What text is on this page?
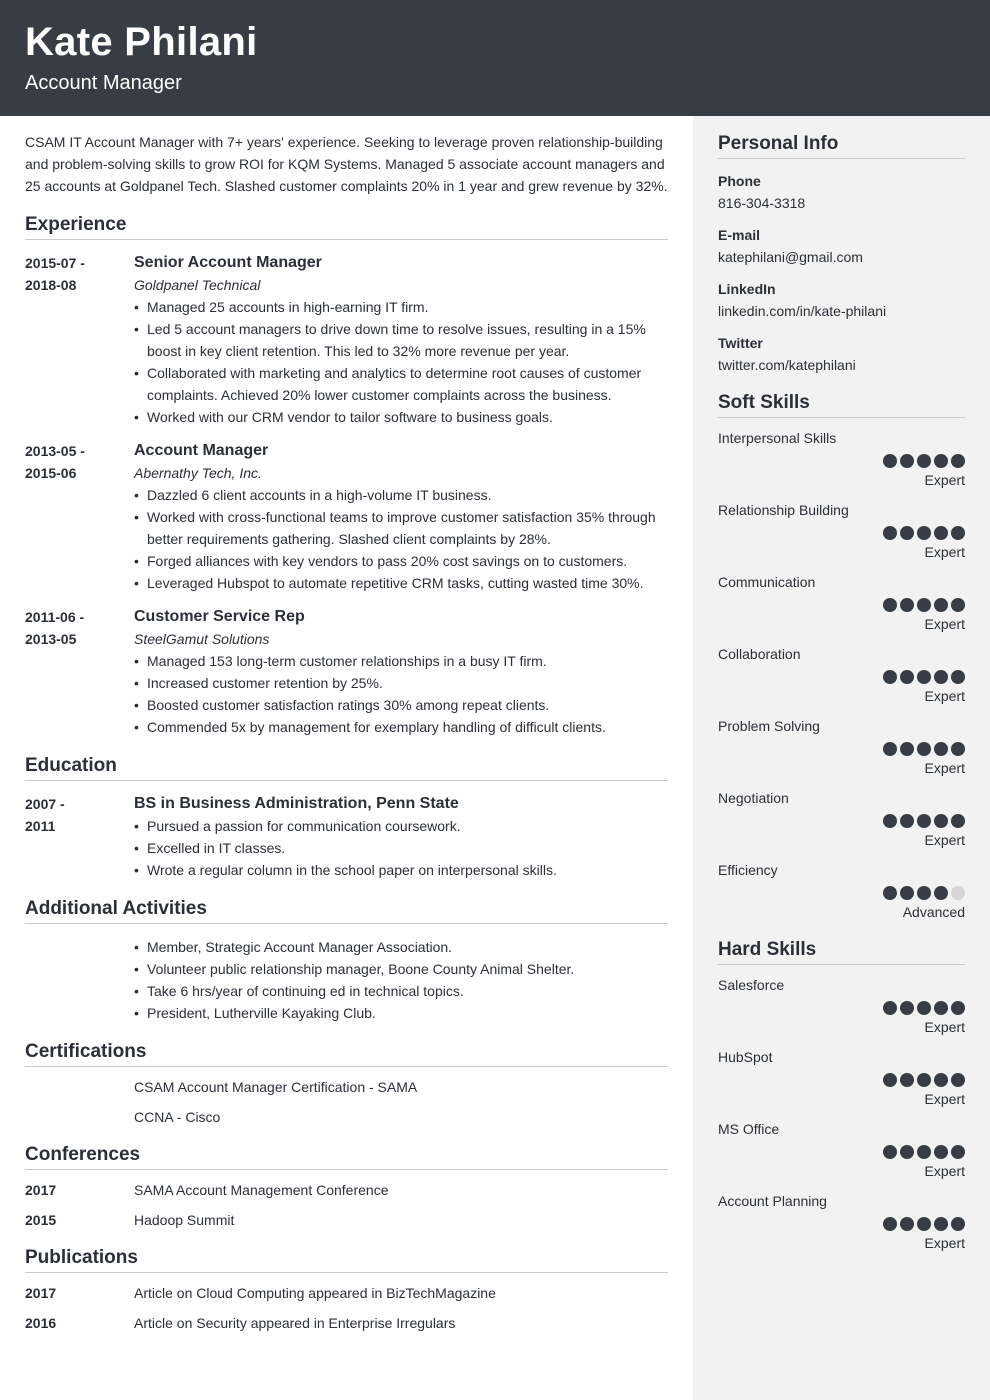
Kate Philani
Account Manager

CSAM IT Account Manager with 7+ years' experience. Seeking to leverage proven relationship-building and problem-solving skills to grow ROI for KQM Systems. Managed 5 associate account managers and 25 accounts at Goldpanel Tech. Slashed customer complaints 20% in 1 year and grew revenue by 32%.

Experience
2015-07 -
2018-08
Senior Account Manager
Goldpanel Technical
• Managed 25 accounts in high-earning IT firm.
• Led 5 account managers to drive down time to resolve issues, resulting in a 15% boost in key client retention. This led to 32% more revenue per year.
• Collaborated with marketing and analytics to determine root causes of customer complaints. Achieved 20% lower customer complaints across the business.
• Worked with our CRM vendor to tailor software to business goals.
2013-05 -
2015-06
Account Manager
Abernathy Tech, Inc.
• Dazzled 6 client accounts in a high-volume IT business.
• Worked with cross-functional teams to improve customer satisfaction 35% through better requirements gathering. Slashed client complaints by 28%.
• Forged alliances with key vendors to pass 20% cost savings on to customers.
• Leveraged Hubspot to automate repetitive CRM tasks, cutting wasted time 30%.
2011-06 -
2013-05
Customer Service Rep
SteelGamut Solutions
• Managed 153 long-term customer relationships in a busy IT firm.
• Increased customer retention by 25%.
• Boosted customer satisfaction ratings 30% among repeat clients.
• Commended 5x by management for exemplary handling of difficult clients.
Education
2007 -
2011
BS in Business Administration, Penn State
• Pursued a passion for communication coursework.
• Excelled in IT classes.
• Wrote a regular column in the school paper on interpersonal skills.
Additional Activities
• Member, Strategic Account Manager Association.
• Volunteer public relationship manager, Boone County Animal Shelter.
• Take 6 hrs/year of continuing ed in technical topics.
• President, Lutherville Kayaking Club.
Certifications
CSAM Account Manager Certification - SAMA
CCNA - Cisco
Conferences
2017	SAMA Account Management Conference
2015	Hadoop Summit
Publications
2017	Article on Cloud Computing appeared in BizTechMagazine
2016	Article on Security appeared in Enterprise Irregulars
Personal Info
Phone
816-304-3318
E-mail
katephilani@gmail.com
LinkedIn
linkedin.com/in/kate-philani
Twitter
twitter.com/katephilani
Soft Skills
Interpersonal Skills
Expert
Relationship Building
Expert
Communication
Expert
Collaboration
Expert
Problem Solving
Expert
Negotiation
Expert
Efficiency
Advanced
Hard Skills
Salesforce
Expert
HubSpot
Expert
MS Office
Expert
Account Planning
Expert
